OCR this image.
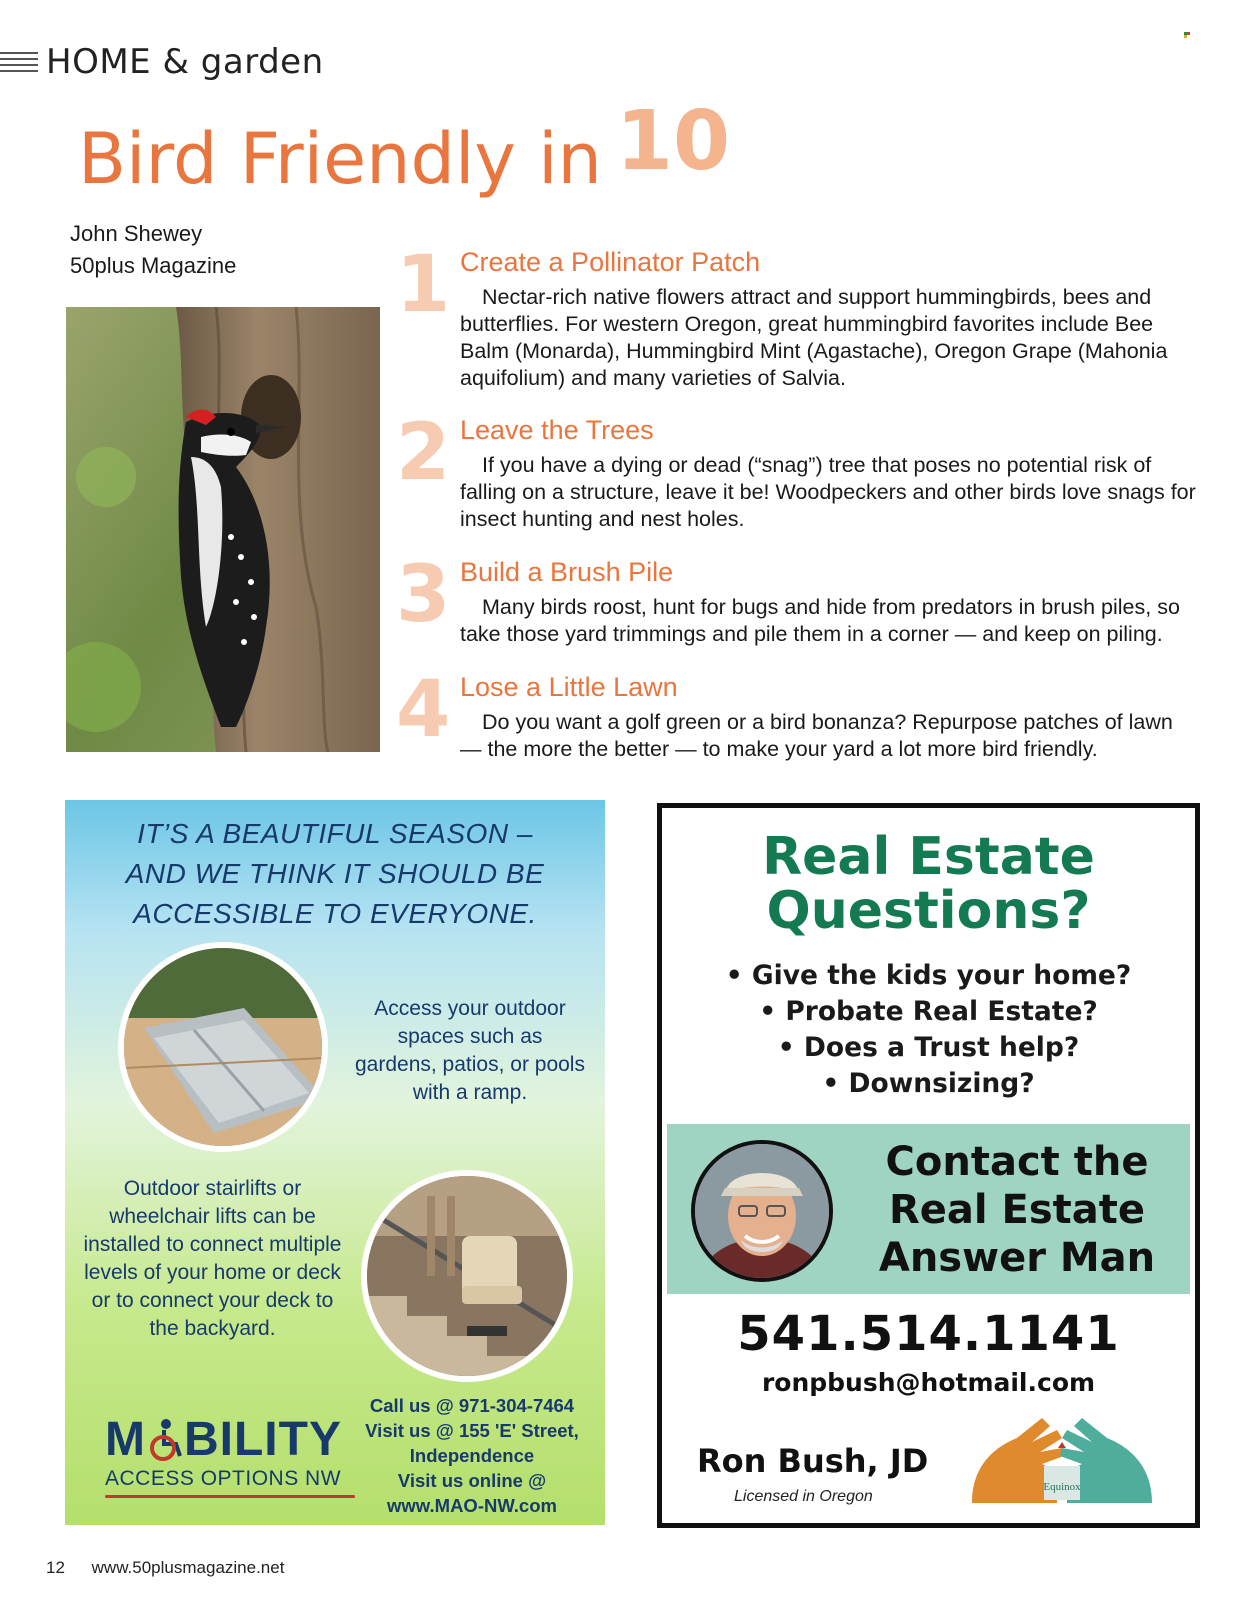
HOME & garden
Bird Friendly in 10
John Shewey
50plus Magazine 1 Create a Pollinator Patch

Nectar-rich native flowers attract and support hummingbirds, bees and butterflies. For western Oregon, great hummingbird favorites include Bee Balm (Monarda), Hummingbird Mint (Agastache), Oregon Grape (Mahonia aquifolium) and many varieties of Salvia.

2 Leave the Trees

If you have a dying or dead (“snag”) tree that poses no potential risk of falling on a structure, leave it be! Woodpeckers and other birds love snags for insect hunting and nest holes.

3 Build a Brush Pile

Many birds roost, hunt for bugs and hide from predators in brush piles, so take those yard trimmings and pile them in a corner — and keep on piling.

4 Lose a Little Lawn

Do you want a golf green or a bird bonanza? Repurpose patches of lawn — the more the better — to make your yard a lot more bird friendly.

IT’S A BEAUTIFUL SEASON –
AND WE THINK IT SHOULD BE
ACCESSIBLE TO EVERYONE.

Access your outdoor spaces such as gardens, patios, or pools with a ramp.

Outdoor stairlifts or wheelchair lifts can be installed to connect multiple levels of your home or deck or to connect your deck to the backyard.

M BILITY
ACCESS OPTIONS NW
Call us @ 971-304-7464
Visit us @ 155 'E' Street, Independence
Visit us online @ www.MAO-NW.com
Real Estate
Questions?
• Give the kids your home?
• Probate Real Estate?
• Does a Trust help?
• Downsizing?
Contact the
Real Estate
Answer Man
541.514.1141
ronpbush@hotmail.com
Ron Bush, JD
Licensed in Oregon
Equinox
12 www.50plusmagazine.net
